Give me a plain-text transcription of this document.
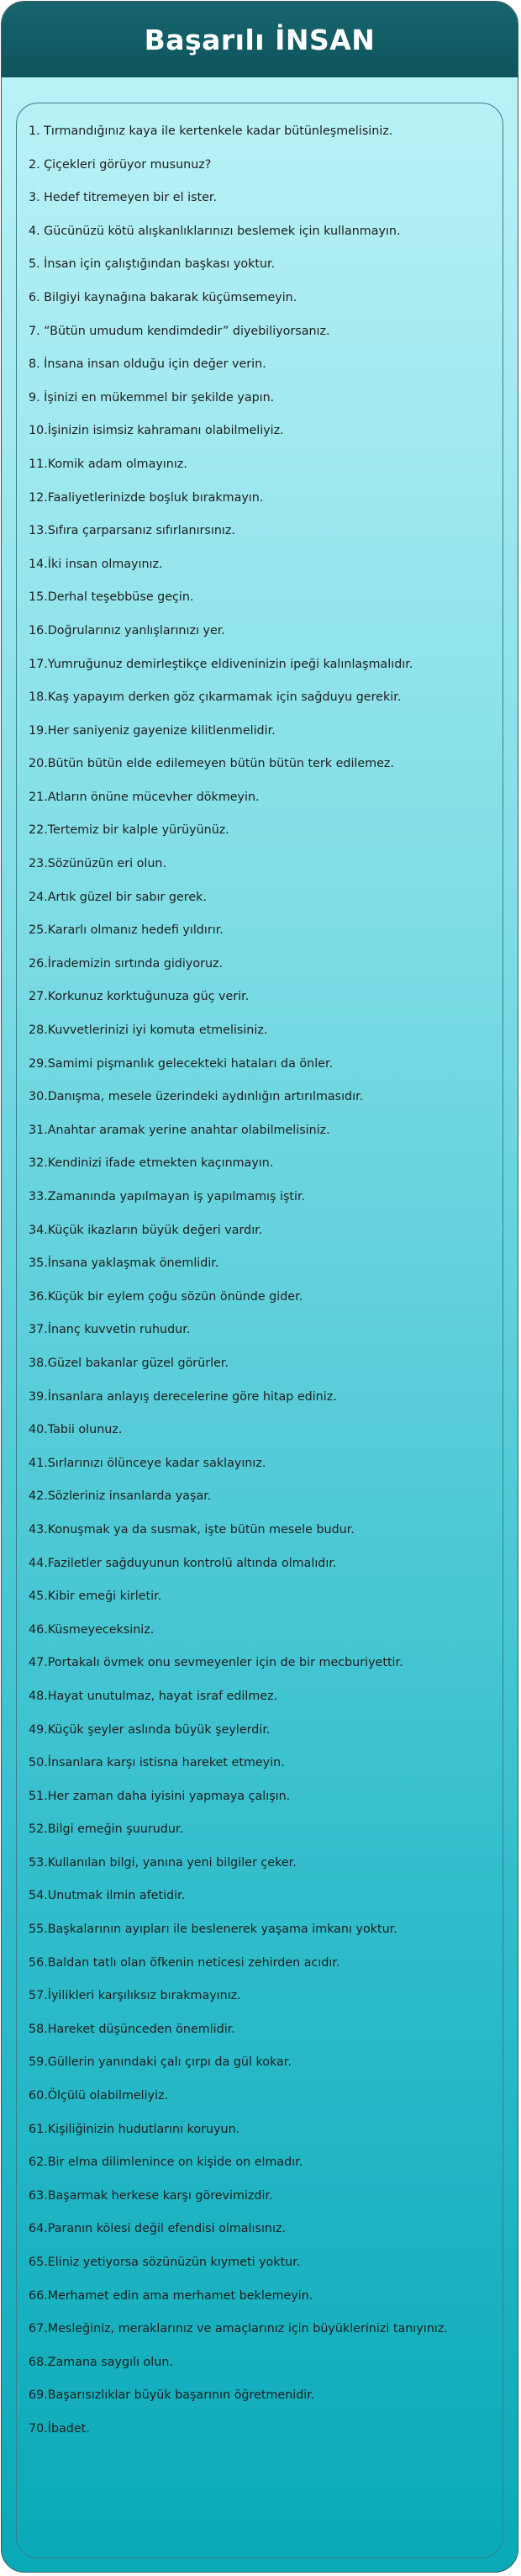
Başarılı İNSAN
1. Tırmandığınız kaya ile kertenkele kadar bütünleşmelisiniz.
2. Çiçekleri görüyor musunuz?
3. Hedef titremeyen bir el ister.
4. Gücünüzü kötü alışkanlıklarınızı beslemek için kullanmayın.
5. İnsan için çalıştığından başkası yoktur.
6. Bilgiyi kaynağına bakarak küçümsemeyin.
7. “Bütün umudum kendimdedir” diyebiliyorsanız.
8. İnsana insan olduğu için değer verin.
9. İşinizi en mükemmel bir şekilde yapın.
10.İşinizin isimsiz kahramanı olabilmeliyiz.
11.Komik adam olmayınız.
12.Faaliyetlerinizde boşluk bırakmayın.
13.Sıfıra çarparsanız sıfırlanırsınız.
14.İki insan olmayınız.
15.Derhal teşebbüse geçin.
16.Doğrularınız yanlışlarınızı yer.
17.Yumruğunuz demirleştikçe eldiveninizin ipeği kalınlaşmalıdır.
18.Kaş yapayım derken göz çıkarmamak için sağduyu gerekir.
19.Her saniyeniz gayenize kilitlenmelidir.
20.Bütün bütün elde edilemeyen bütün bütün terk edilemez.
21.Atların önüne mücevher dökmeyin.
22.Tertemiz bir kalple yürüyünüz.
23.Sözünüzün eri olun.
24.Artık güzel bir sabır gerek.
25.Kararlı olmanız hedefi yıldırır.
26.İrademizin sırtında gidiyoruz.
27.Korkunuz korktuğunuza güç verir.
28.Kuvvetlerinizi iyi komuta etmelisiniz.
29.Samimi pişmanlık gelecekteki hataları da önler.
30.Danışma, mesele üzerindeki aydınlığın artırılmasıdır.
31.Anahtar aramak yerine anahtar olabilmelisiniz.
32.Kendinizi ifade etmekten kaçınmayın.
33.Zamanında yapılmayan iş yapılmamış iştir.
34.Küçük ikazların büyük değeri vardır.
35.İnsana yaklaşmak önemlidir.
36.Küçük bir eylem çoğu sözün önünde gider.
37.İnanç kuvvetin ruhudur.
38.Güzel bakanlar güzel görürler.
39.İnsanlara anlayış derecelerine göre hitap ediniz.
40.Tabii olunuz.
41.Sırlarınızı ölünceye kadar saklayınız.
42.Sözleriniz insanlarda yaşar.
43.Konuşmak ya da susmak, işte bütün mesele budur.
44.Faziletler sağduyunun kontrolü altında olmalıdır.
45.Kibir emeği kirletir.
46.Küsmeyeceksiniz.
47.Portakalı övmek onu sevmeyenler için de bir mecburiyettir.
48.Hayat unutulmaz, hayat israf edilmez.
49.Küçük şeyler aslında büyük şeylerdir.
50.İnsanlara karşı istisna hareket etmeyin.
51.Her zaman daha iyisini yapmaya çalışın.
52.Bilgi emeğin şuurudur.
53.Kullanılan bilgi, yanına yeni bilgiler çeker.
54.Unutmak ilmin afetidir.
55.Başkalarının ayıpları ile beslenerek yaşama imkanı yoktur.
56.Baldan tatlı olan öfkenin neticesi zehirden acıdır.
57.İyilikleri karşılıksız bırakmayınız.
58.Hareket düşünceden önemlidir.
59.Güllerin yanındaki çalı çırpı da gül kokar.
60.Ölçülü olabilmeliyiz.
61.Kişiliğinizin hudutlarını koruyun.
62.Bir elma dilimlenince on kişide on elmadır.
63.Başarmak herkese karşı görevimizdir.
64.Paranın kölesi değil efendisi olmalısınız.
65.Eliniz yetiyorsa sözünüzün kıymeti yoktur.
66.Merhamet edin ama merhamet beklemeyin.
67.Mesleğiniz, meraklarınız ve amaçlarınız için büyüklerinizi tanıyınız.
68.Zamana saygılı olun.
69.Başarısızlıklar büyük başarının öğretmenidir.
70.İbadet.
